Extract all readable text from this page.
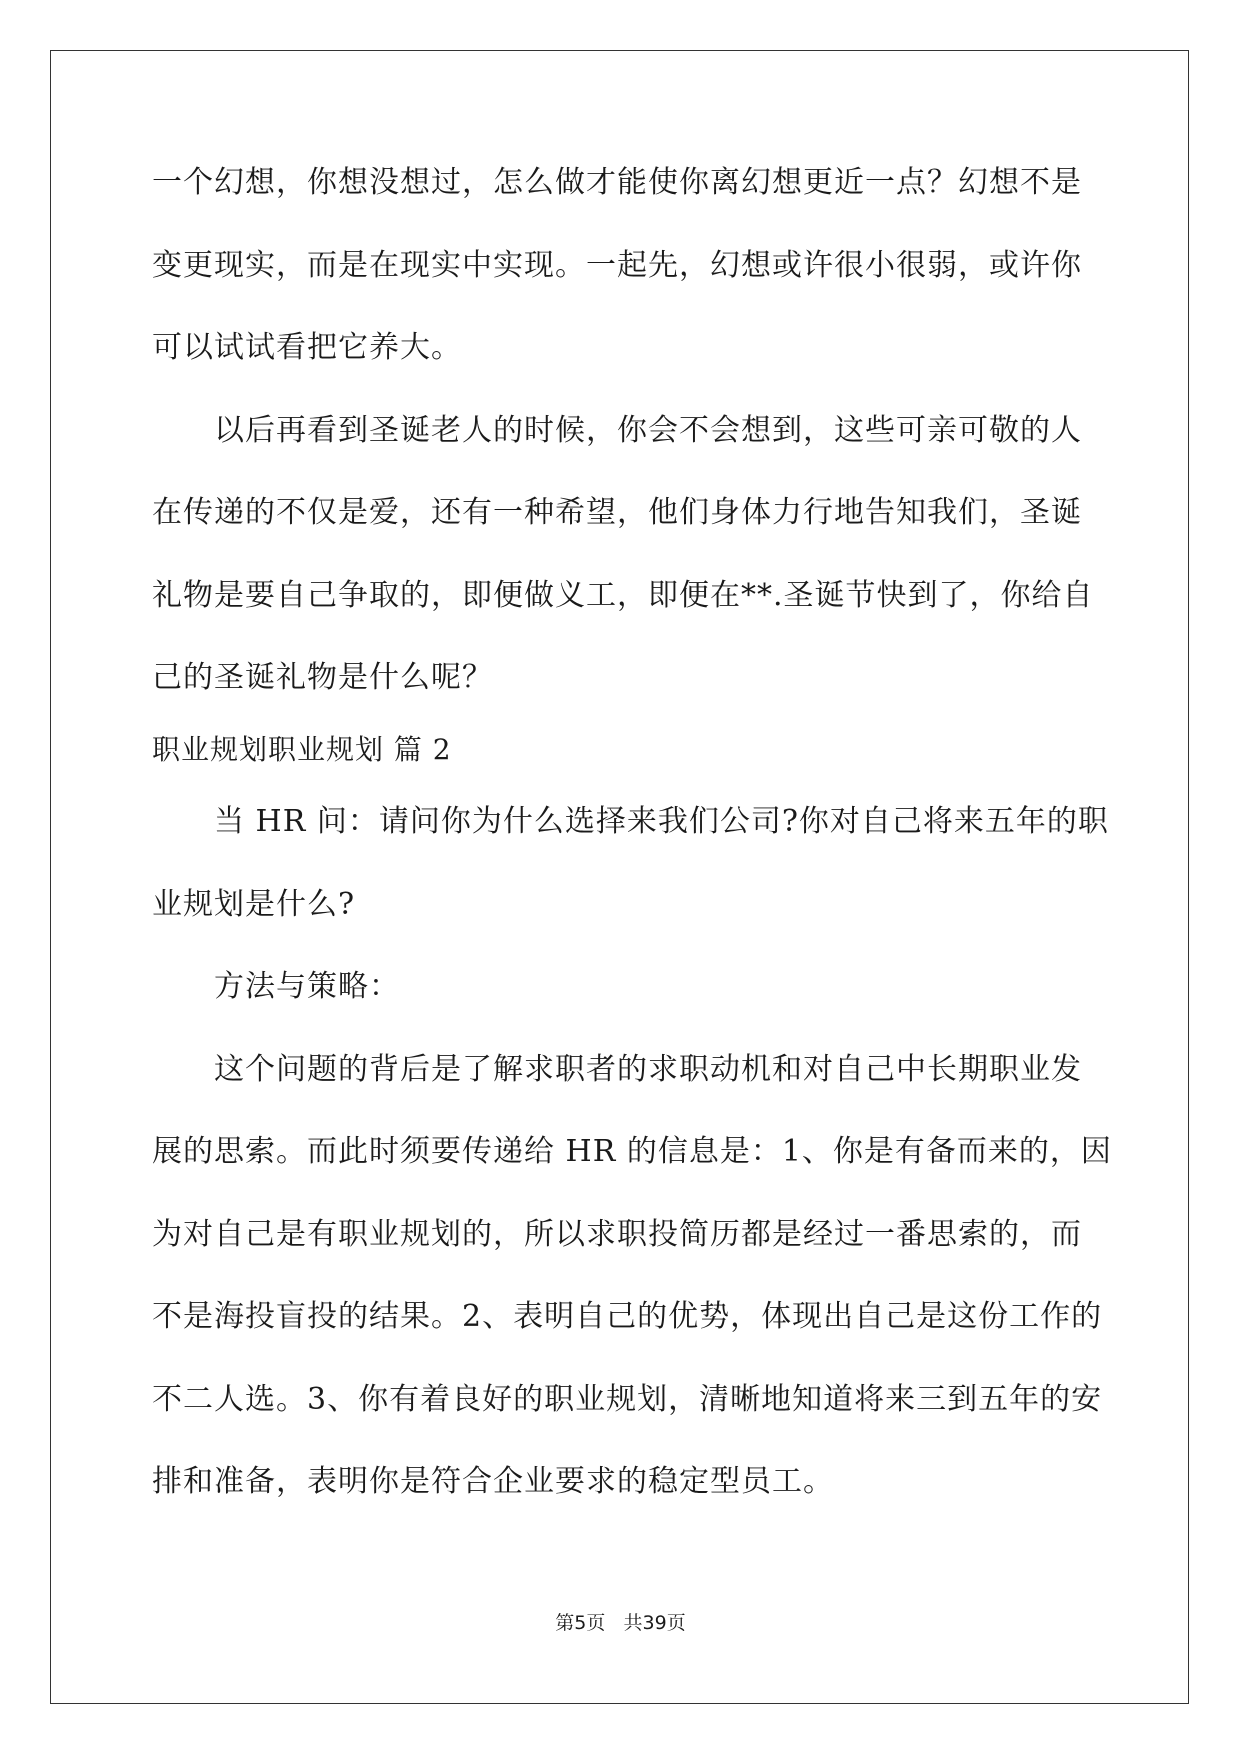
一个幻想，你想没想过，怎么做才能使你离幻想更近一点？幻想不是
变更现实，而是在现实中实现。一起先，幻想或许很小很弱，或许你
可以试试看把它养大。
以后再看到圣诞老人的时候，你会不会想到，这些可亲可敬的人
在传递的不仅是爱，还有一种希望，他们身体力行地告知我们，圣诞
礼物是要自己争取的，即便做义工，即便在**.圣诞节快到了，你给自
己的圣诞礼物是什么呢？
职业规划职业规划 篇 2
当 HR 问：请问你为什么选择来我们公司?你对自己将来五年的职
业规划是什么?
方法与策略：
这个问题的背后是了解求职者的求职动机和对自己中长期职业发
展的思索。而此时须要传递给 HR 的信息是：1、你是有备而来的，因
为对自己是有职业规划的，所以求职投简历都是经过一番思索的，而
不是海投盲投的结果。2、表明自己的优势，体现出自己是这份工作的
不二人选。3、你有着良好的职业规划，清晰地知道将来三到五年的安
排和准备，表明你是符合企业要求的稳定型员工。
第5页 共39页
